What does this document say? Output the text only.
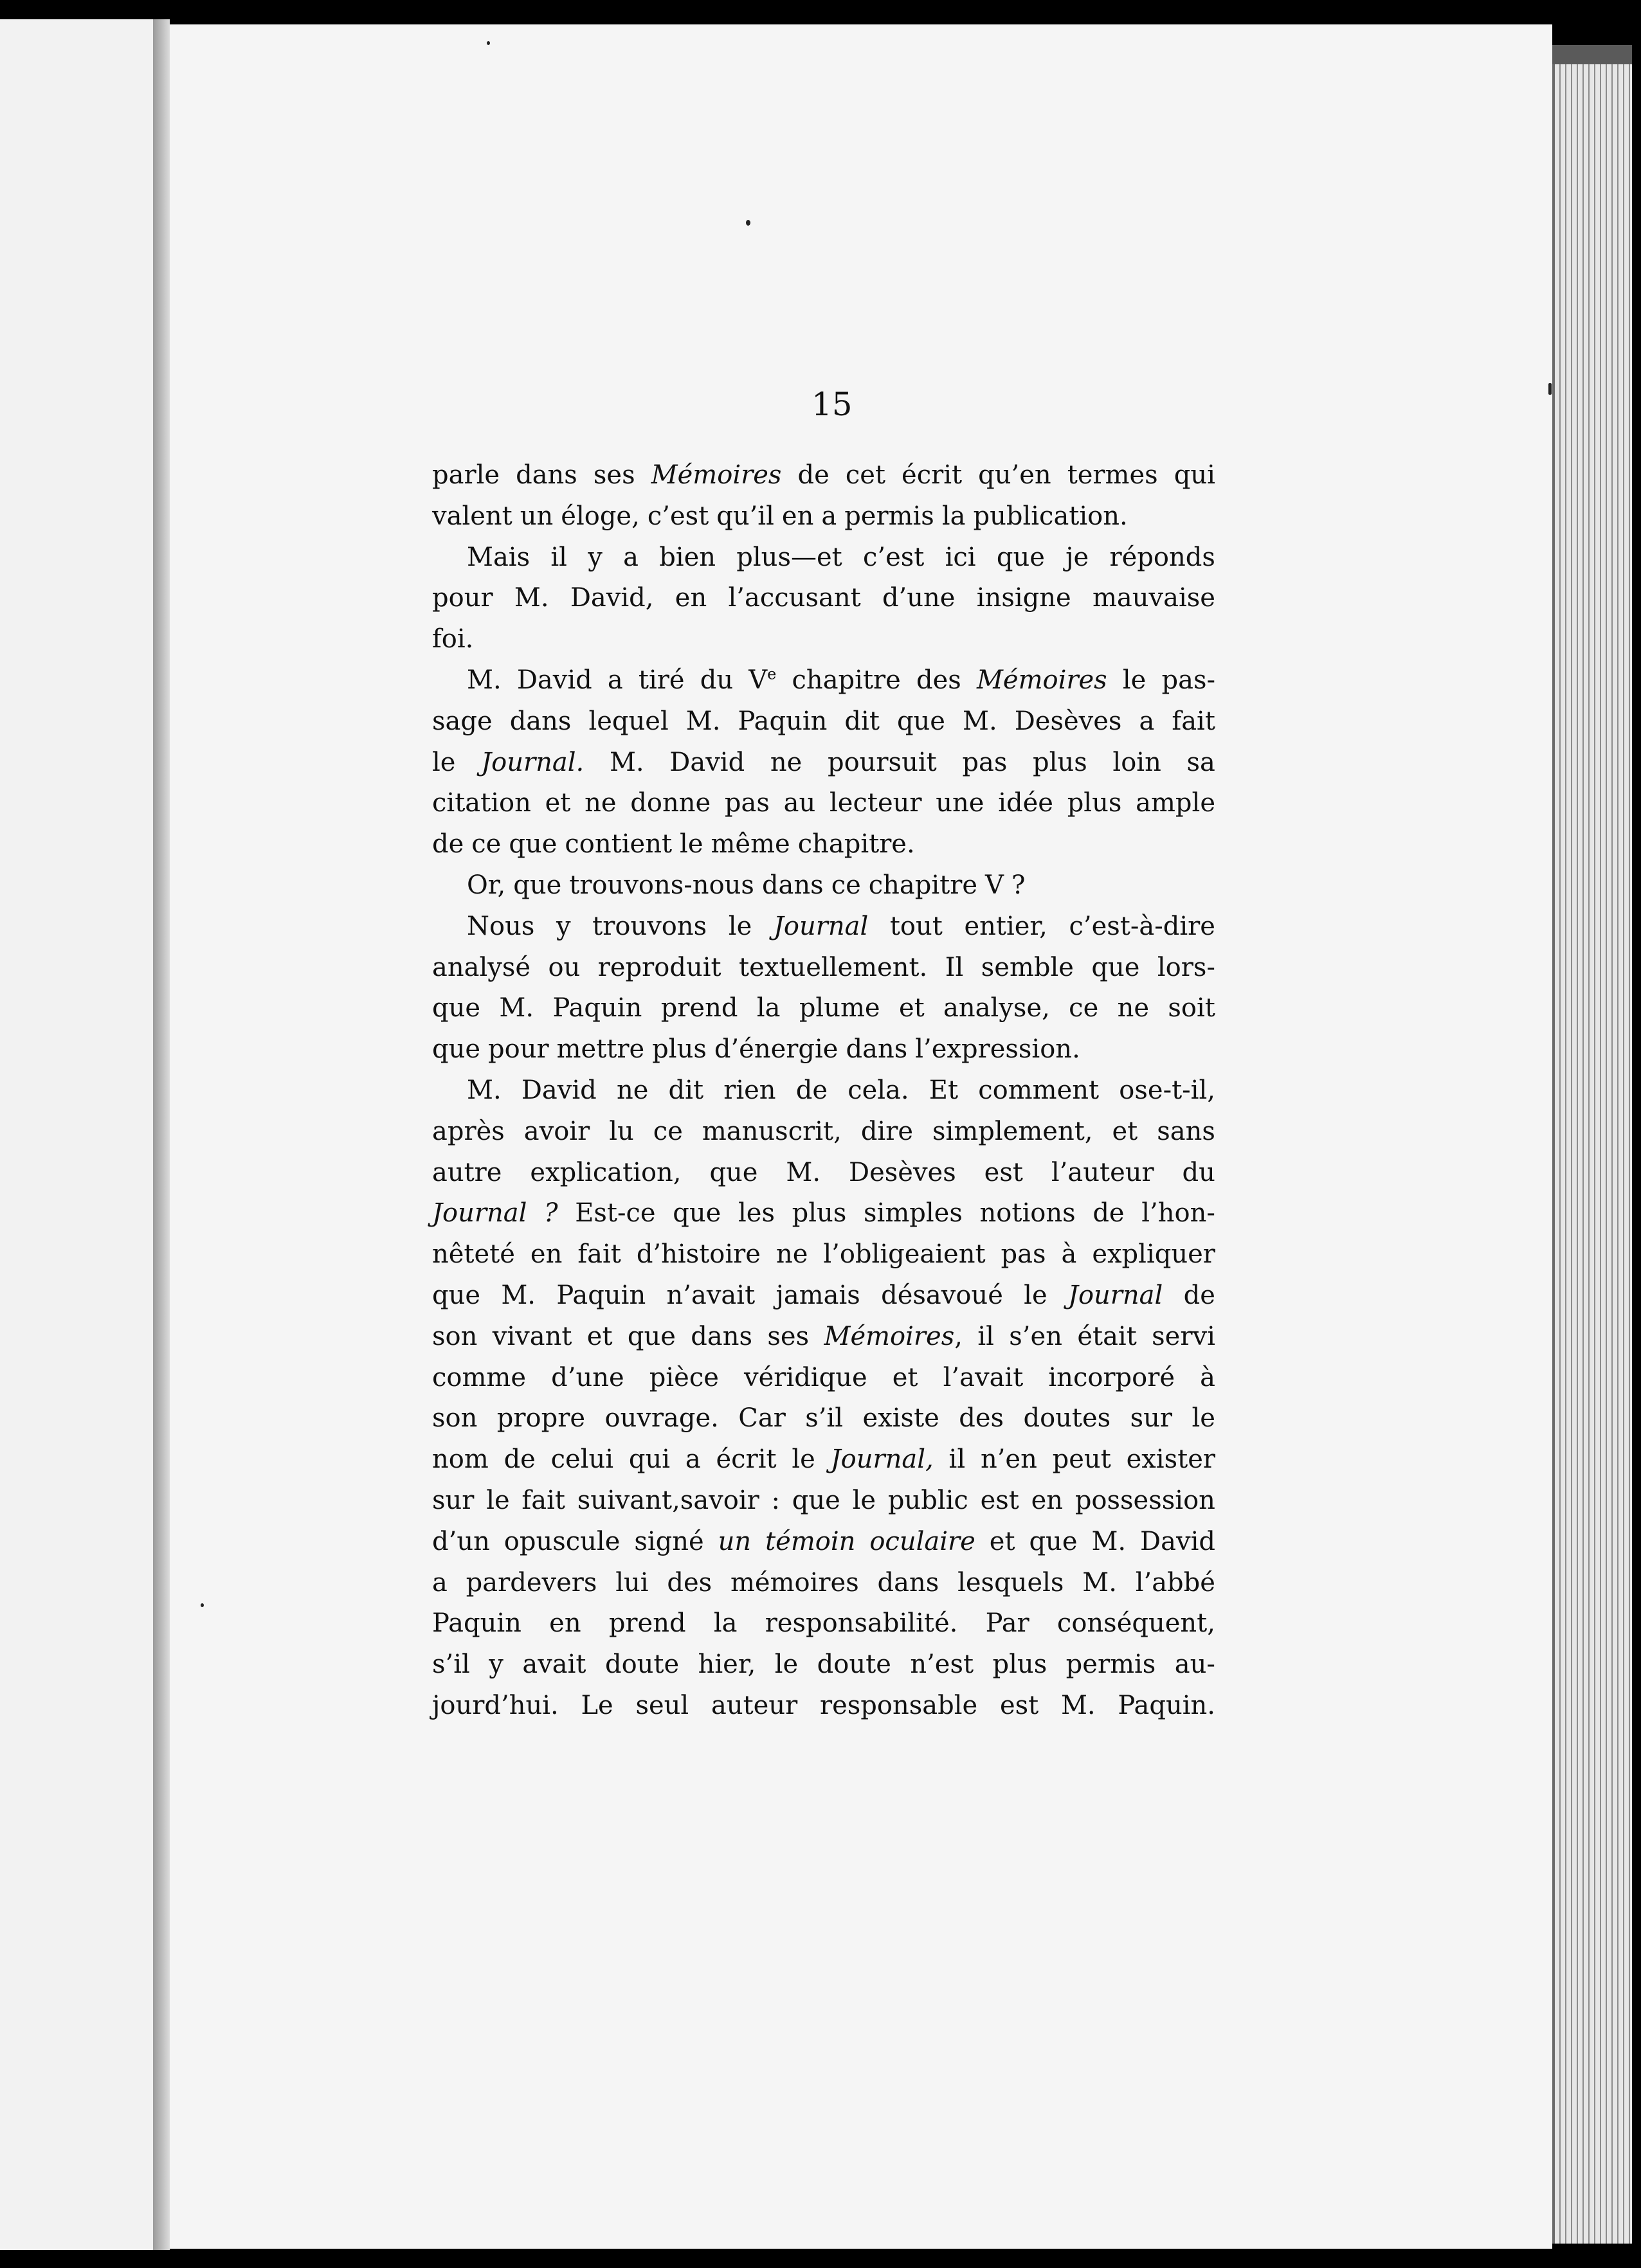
15
parle dans ses Mémoires de cet écrit qu’en termes qui
valent un éloge, c’est qu’il en a permis la publication.
Mais il y a bien plus—et c’est ici que je réponds
pour M. David, en l’accusant d’une insigne mauvaise
foi.
M. David a tiré du Ve chapitre des Mémoires le pas-
sage dans lequel M. Paquin dit que M. Desèves a fait
le Journal. M. David ne poursuit pas plus loin sa
citation et ne donne pas au lecteur une idée plus ample
de ce que contient le même chapitre.
Or, que trouvons-nous dans ce chapitre V ?
Nous y trouvons le Journal tout entier, c’est-à-dire
analysé ou reproduit textuellement. Il semble que lors-
que M. Paquin prend la plume et analyse, ce ne soit
que pour mettre plus d’énergie dans l’expression.
M. David ne dit rien de cela. Et comment ose-t-il,
après avoir lu ce manuscrit, dire simplement, et sans
autre explication, que M. Desèves est l’auteur du
Journal ? Est-ce que les plus simples notions de l’hon-
nêteté en fait d’histoire ne l’obligeaient pas à expliquer
que M. Paquin n’avait jamais désavoué le Journal de
son vivant et que dans ses Mémoires, il s’en était servi
comme d’une pièce véridique et l’avait incorporé à
son propre ouvrage. Car s’il existe des doutes sur le
nom de celui qui a écrit le Journal, il n’en peut exister
sur le fait suivant,savoir : que le public est en possession
d’un opuscule signé un témoin oculaire et que M. David
a pardevers lui des mémoires dans lesquels M. l’abbé
Paquin en prend la responsabilité. Par conséquent,
s’il y avait doute hier, le doute n’est plus permis au-
jourd’hui. Le seul auteur responsable est M. Paquin.
